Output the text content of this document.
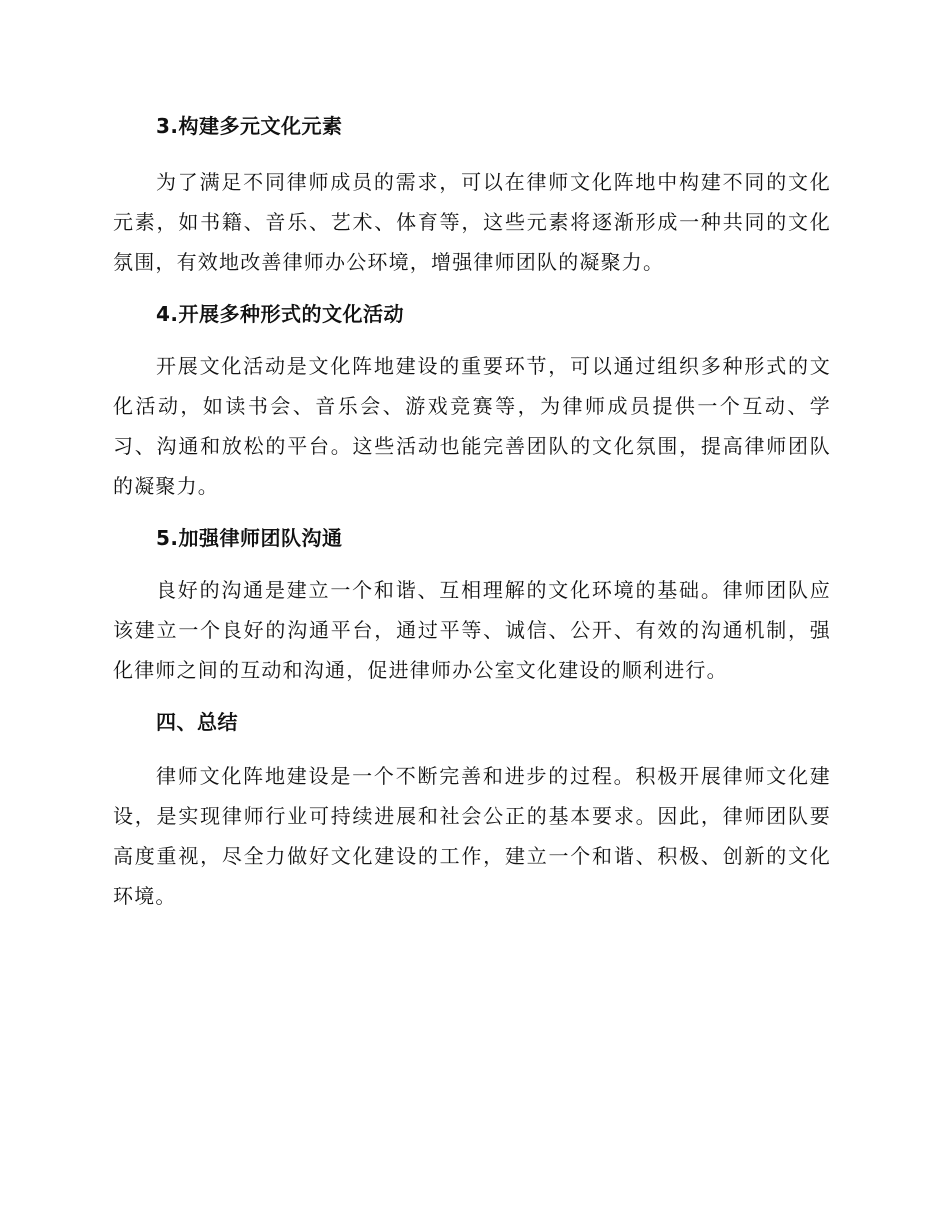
3.构建多元文化元素

为了满足不同律师成员的需求，可以在律师文化阵地中构建不同的文化元素，如书籍、音乐、艺术、体育等，这些元素将逐渐形成一种共同的文化氛围，有效地改善律师办公环境，增强律师团队的凝聚力。

4.开展多种形式的文化活动

开展文化活动是文化阵地建设的重要环节，可以通过组织多种形式的文化活动，如读书会、音乐会、游戏竞赛等，为律师成员提供一个互动、学习、沟通和放松的平台。这些活动也能完善团队的文化氛围，提高律师团队的凝聚力。

5.加强律师团队沟通

良好的沟通是建立一个和谐、互相理解的文化环境的基础。律师团队应该建立一个良好的沟通平台，通过平等、诚信、公开、有效的沟通机制，强化律师之间的互动和沟通，促进律师办公室文化建设的顺利进行。

四、总结

律师文化阵地建设是一个不断完善和进步的过程。积极开展律师文化建设，是实现律师行业可持续进展和社会公正的基本要求。因此，律师团队要高度重视，尽全力做好文化建设的工作，建立一个和谐、积极、创新的文化环境。
